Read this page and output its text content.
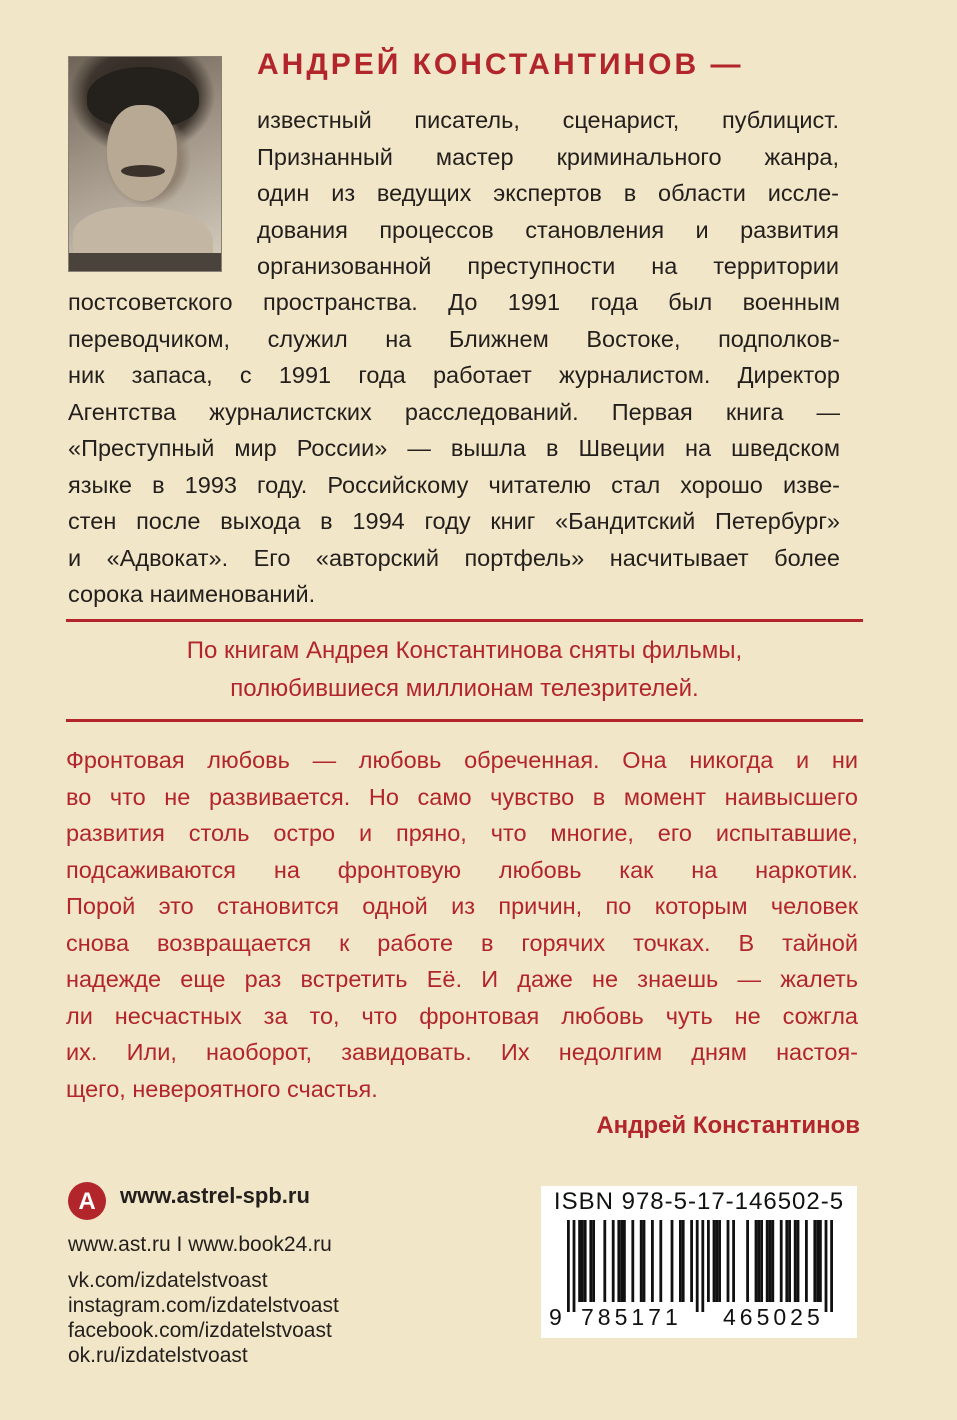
АНДРЕЙ КОНСТАНТИНОВ —
известный писатель, сценарист, публицист.
Признанный мастер криминального жанра,
один из ведущих экспертов в области иссле-
дования процессов становления и развития
организованной преступности на территории
постсоветского пространства. До 1991 года был военным
переводчиком, служил на Ближнем Востоке, подполков-
ник запаса, с 1991 года работает журналистом. Директор
Агентства журналистских расследований. Первая книга —
«Преступный мир России» — вышла в Швеции на шведском
языке в 1993 году. Российскому читателю стал хорошо изве-
стен после выхода в 1994 году книг «Бандитский Петербург»
и «Адвокат». Его «авторский портфель» насчитывает более
сорока наименований.
По книгам Андрея Константинова сняты фильмы,
полюбившиеся миллионам телезрителей.
Фронтовая любовь — любовь обреченная. Она никогда и ни
во что не развивается. Но само чувство в момент наивысшего
развития столь остро и пряно, что многие, его испытавшие,
подсаживаются на фронтовую любовь как на наркотик.
Порой это становится одной из причин, по которым человек
снова возвращается к работе в горячих точках. В тайной
надежде еще раз встретить Её. И даже не знаешь — жалеть
ли несчастных за то, что фронтовая любовь чуть не сожгла
их. Или, наоборот, завидовать. Их недолгим дням настоя-
щего, невероятного счастья.

Андрей Константинов

А www.astrel-spb.ru
www.ast.ru I www.book24.ru
vk.com/izdatelstvoast
instagram.com/izdatelstvoast
facebook.com/izdatelstvoast
ok.ru/izdatelstvoast
ISBN 978-5-17-146502-5
9 785171 465025
